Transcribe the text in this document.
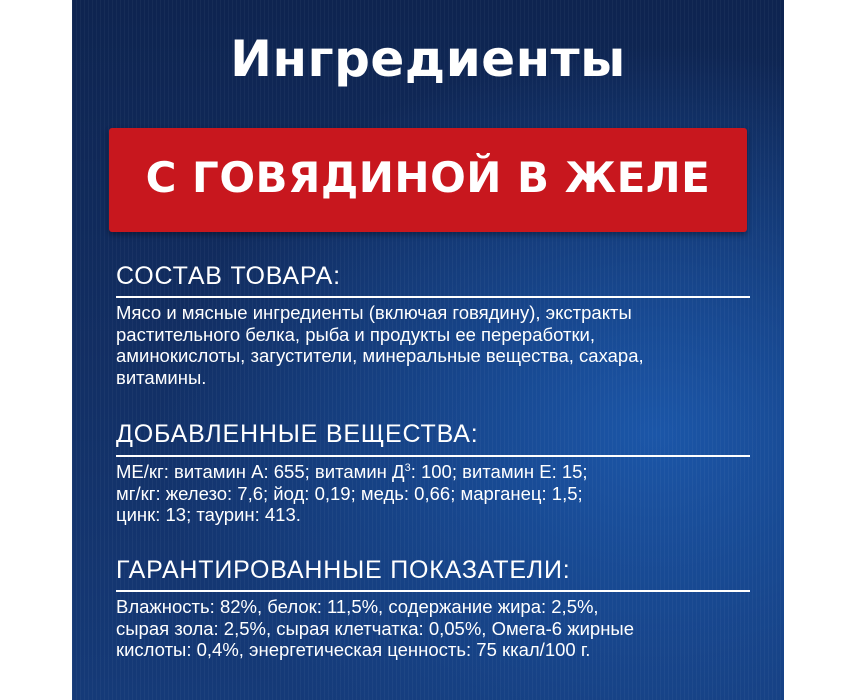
Ингредиенты
С ГОВЯДИНОЙ В ЖЕЛЕ
СОСТАВ ТОВАРА:
Мясо и мясные ингредиенты (включая говядину), экстракты
растительного белка, рыба и продукты ее переработки,
аминокислоты, загустители, минеральные вещества, сахара,
витамины.
ДОБАВЛЕННЫЕ ВЕЩЕСТВА:
МЕ/кг: витамин А: 655; витамин $Д^3$: 100; витамин Е: 15;
мг/кг: железо: 7,6; йод: 0,19; медь: 0,66; марганец: 1,5;
цинк: 13; таурин: 413.
ГАРАНТИРОВАННЫЕ ПОКАЗАТЕЛИ:
Влажность: 82%, белок: 11,5%, содержание жира: 2,5%,
сырая зола: 2,5%, сырая клетчатка: 0,05%, Омега-6 жирные
кислоты: 0,4%, энергетическая ценность: 75 ккал/100 г.
